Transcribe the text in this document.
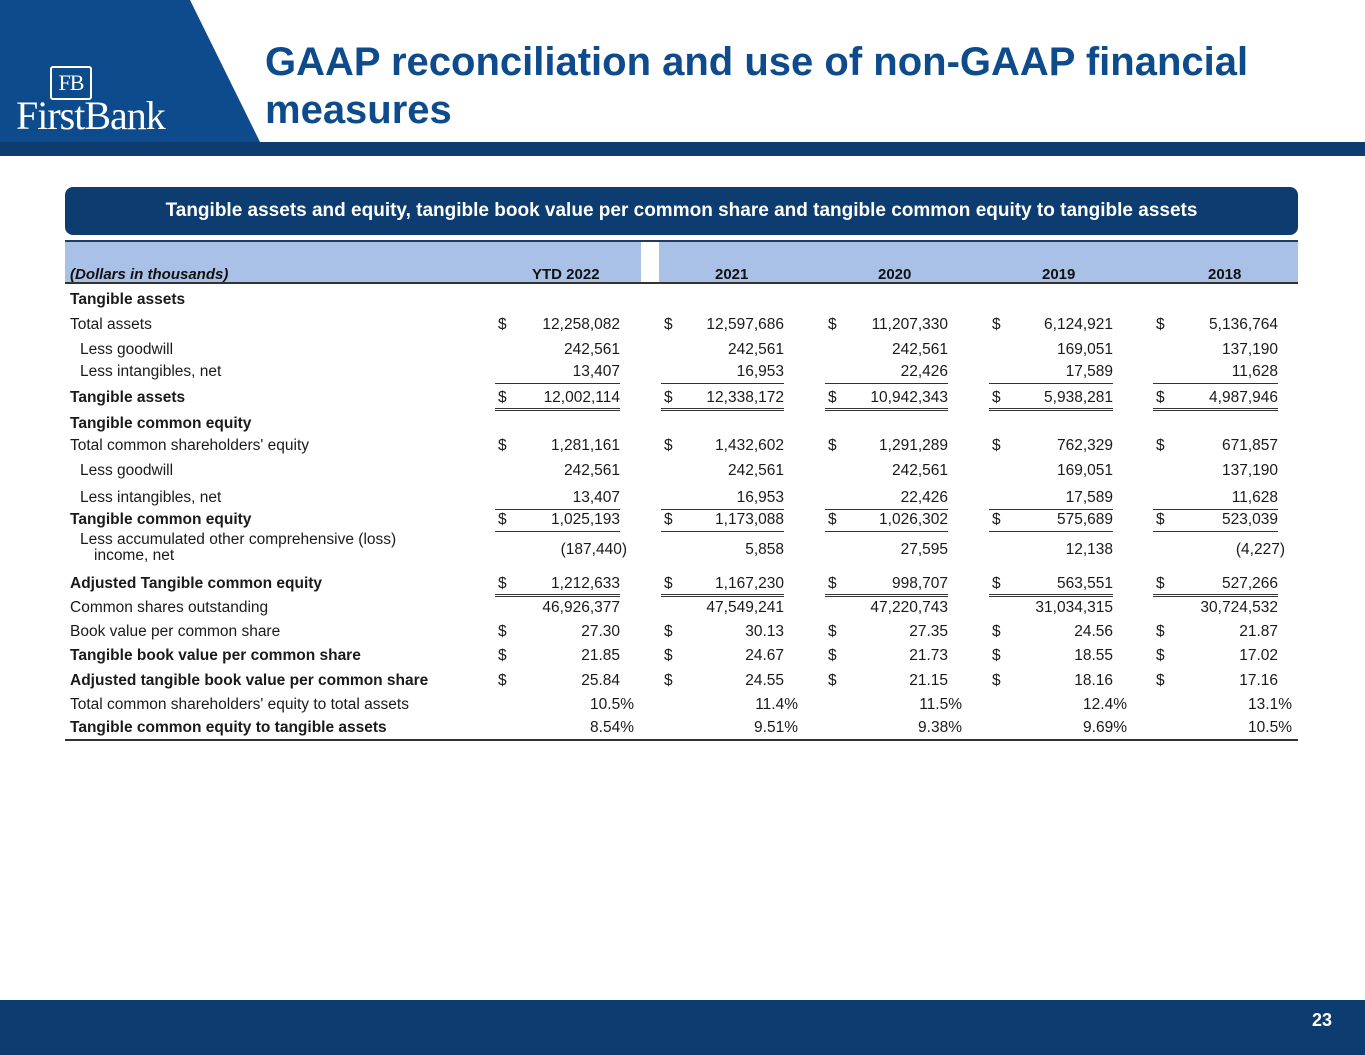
FB
FirstBank
GAAP reconciliation and use of non-GAAP financial measures
Tangible assets and equity, tangible book value per common share and tangible common equity to tangible assets
(Dollars in thousands)	YTD 2022	2021	2020	2019	2018
Tangible assets
Total assets	$ 12,258,082	$ 12,597,686	$ 11,207,330	$	6,124,921	$	5,136,764
Less goodwill	242,561	242,561	242,561	169,051	137,190
Less intangibles, net	13,407	16,953	22,426	17,589	11,628
Tangible assets	$ 12,002,114	$ 12,338,172	$ 10,942,343	$	5,938,281	$	4,987,946
Tangible common equity
Total common shareholders' equity	$	1,281,161	$	1,432,602	$	1,291,289	$	762,329	$	671,857
Less goodwill	242,561	242,561	242,561	169,051	137,190
Less intangibles, net	13,407	16,953	22,426	17,589	11,628
Tangible common equity	$	1,025,193	$	1,173,088	$	1,026,302	$	575,689	$	523,039
Less accumulated other comprehensive (loss)
income, net	(187,440)	5,858	27,595	12,138	(4,227)
Adjusted Tangible common equity	$	1,212,633	$	1,167,230	$	998,707	$	563,551	$	527,266
Common shares outstanding	46,926,377	47,549,241	47,220,743	31,034,315	30,724,532
Book value per common share	$	27.30	$	30.13	$	27.35	$	24.56	$	21.87
Tangible book value per common share	$	21.85	$	24.67	$	21.73	$	18.55	$	17.02
Adjusted tangible book value per common share	$	25.84	$	24.55	$	21.15	$	18.16	$	17.16
Total common shareholders' equity to total assets	10.5%	11.4%	11.5%	12.4%	13.1%
Tangible common equity to tangible assets	8.54%	9.51%	9.38%	9.69%	10.5%
23
